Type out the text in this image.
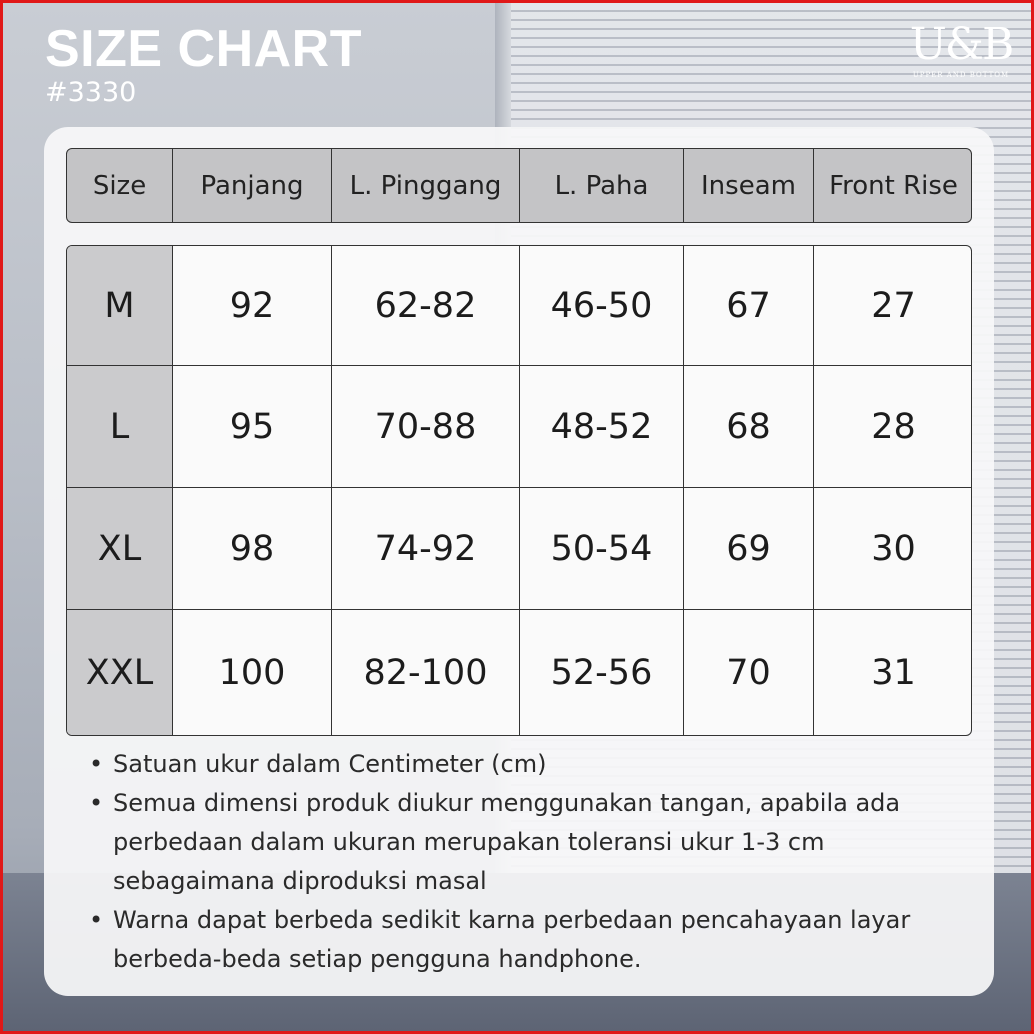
SIZE CHART
#3330
U&B
UPPER AND BOTTOM
Size	Panjang	L. Pinggang	L. Paha	Inseam	Front Rise
M	92	62-82	46-50	67	27
L	95	70-88	48-52	68	28
XL	98	74-92	50-54	69	30
XXL	100	82-100	52-56	70	31
• Satuan ukur dalam Centimeter (cm)
• Semua dimensi produk diukur menggunakan tangan, apabila ada perbedaan dalam ukuran merupakan toleransi ukur 1-3 cm sebagaimana diproduksi masal
• Warna dapat berbeda sedikit karna perbedaan pencahayaan layar berbeda-beda setiap pengguna handphone.
